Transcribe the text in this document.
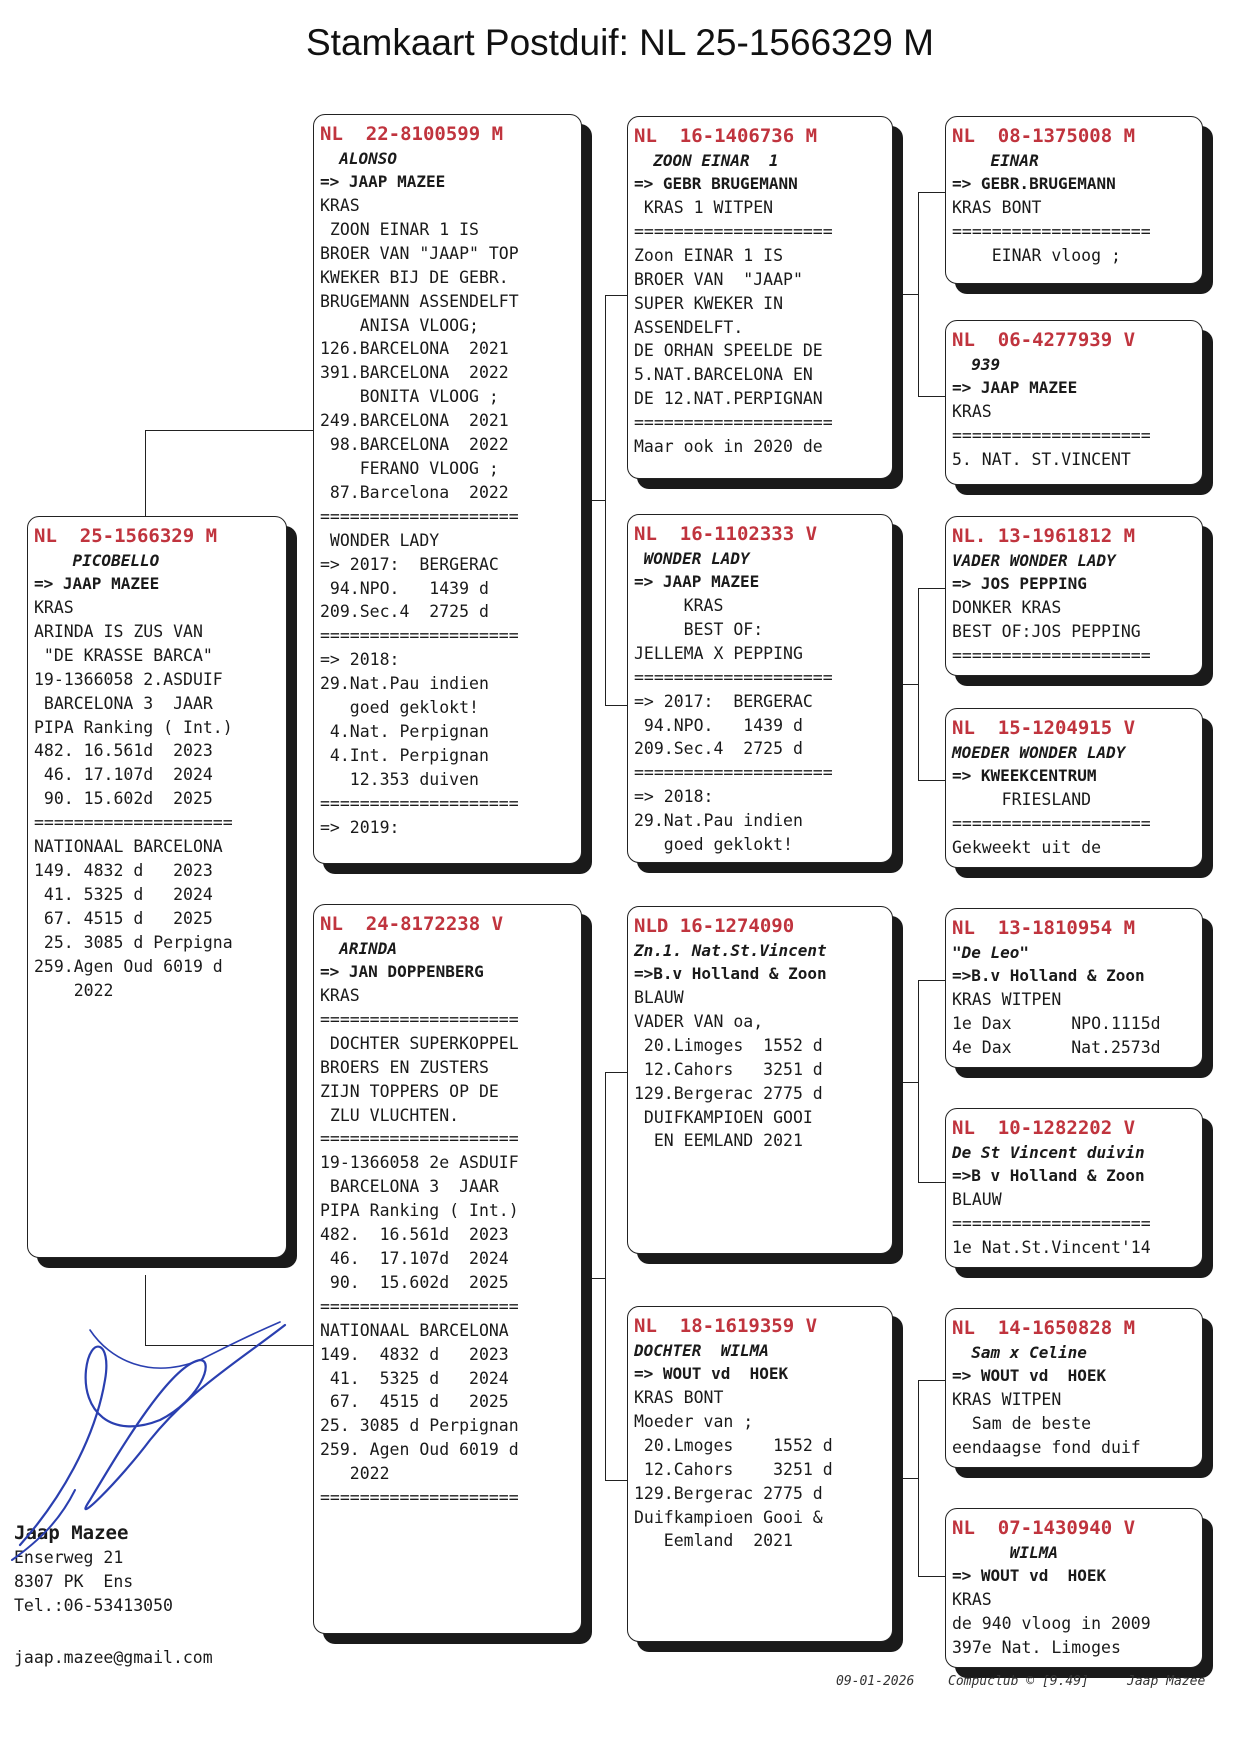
Stamkaart Postduif: NL 25-1566329 M
NL  25-1566329 M
PICOBELLO
=> JAAP MAZEE
KRAS
ARINDA IS ZUS VAN
"DE KRASSE BARCA"
19-1366058 2.ASDUIF
BARCELONA 3  JAAR
PIPA Ranking ( Int.)
482. 16.561d  2023
46. 17.107d  2024
90. 15.602d  2025
====================
NATIONAAL BARCELONA
149. 4832 d   2023
41. 5325 d   2024
67. 4515 d   2025
25. 3085 d Perpigna
259.Agen Oud 6019 d
2022
NL  22-8100599 M
ALONSO
=> JAAP MAZEE
KRAS
ZOON EINAR 1 IS
BROER VAN "JAAP" TOP
KWEKER BIJ DE GEBR.
BRUGEMANN ASSENDELFT
ANISA VLOOG;
126.BARCELONA  2021
391.BARCELONA  2022
BONITA VLOOG ;
249.BARCELONA  2021
98.BARCELONA  2022
FERANO VLOOG ;
87.Barcelona  2022
====================
WONDER LADY
=> 2017:  BERGERAC
94.NPO.   1439 d
209.Sec.4  2725 d
====================
=> 2018:
29.Nat.Pau indien
goed geklokt!
4.Nat. Perpignan
4.Int. Perpignan
12.353 duiven
====================
=> 2019:
NL  24-8172238 V
ARINDA
=> JAN DOPPENBERG
KRAS
====================
DOCHTER SUPERKOPPEL
BROERS EN ZUSTERS
ZIJN TOPPERS OP DE
ZLU VLUCHTEN.
====================
19-1366058 2e ASDUIF
BARCELONA 3  JAAR
PIPA Ranking ( Int.)
482.  16.561d  2023
46.  17.107d  2024
90.  15.602d  2025
====================
NATIONAAL BARCELONA
149.  4832 d   2023
41.  5325 d   2024
67.  4515 d   2025
25. 3085 d Perpignan
259. Agen Oud 6019 d
2022
====================
NL  16-1406736 M
ZOON EINAR  1
=> GEBR BRUGEMANN
KRAS 1 WITPEN
====================
Zoon EINAR 1 IS
BROER VAN  "JAAP"
SUPER KWEKER IN
ASSENDELFT.
DE ORHAN SPEELDE DE
5.NAT.BARCELONA EN
DE 12.NAT.PERPIGNAN
====================
Maar ook in 2020 de
NL  16-1102333 V
WONDER LADY
=> JAAP MAZEE
KRAS
BEST OF:
JELLEMA X PEPPING
====================
=> 2017:  BERGERAC
94.NPO.   1439 d
209.Sec.4  2725 d
====================
=> 2018:
29.Nat.Pau indien
goed geklokt!
NLD 16-1274090
Zn.1. Nat.St.Vincent
=>B.v Holland & Zoon
BLAUW
VADER VAN oa,
20.Limoges  1552 d
12.Cahors   3251 d
129.Bergerac 2775 d
DUIFKAMPIOEN GOOI
EN EEMLAND 2021
NL  18-1619359 V
DOCHTER  WILMA
=> WOUT vd  HOEK
KRAS BONT
Moeder van ;
20.Lmoges    1552 d
12.Cahors    3251 d
129.Bergerac 2775 d
Duifkampioen Gooi &
Eemland  2021
NL  08-1375008 M
EINAR
=> GEBR.BRUGEMANN
KRAS BONT
====================
EINAR vloog ;
NL  06-4277939 V
939
=> JAAP MAZEE
KRAS
====================
5. NAT. ST.VINCENT
NL. 13-1961812 M
VADER WONDER LADY
=> JOS PEPPING
DONKER KRAS
BEST OF:JOS PEPPING
====================
NL  15-1204915 V
MOEDER WONDER LADY
=> KWEEKCENTRUM
FRIESLAND
====================
Gekweekt uit de
NL  13-1810954 M
"De Leo"
=>B.v Holland & Zoon
KRAS WITPEN
1e Dax      NPO.1115d
4e Dax      Nat.2573d
NL  10-1282202 V
De St Vincent duivin
=>B v Holland & Zoon
BLAUW
====================
1e Nat.St.Vincent'14
NL  14-1650828 M
Sam x Celine
=> WOUT vd  HOEK
KRAS WITPEN
Sam de beste
eendaagse fond duif
NL  07-1430940 V
WILMA
=> WOUT vd  HOEK
KRAS
de 940 vloog in 2009
397e Nat. Limoges
Jaap Mazee
Enserweg 21
8307 PK  Ens
Tel.:06-53413050
jaap.mazee@gmail.com
09-01-2026	Compuclub © [9.49]	Jaap Mazee
